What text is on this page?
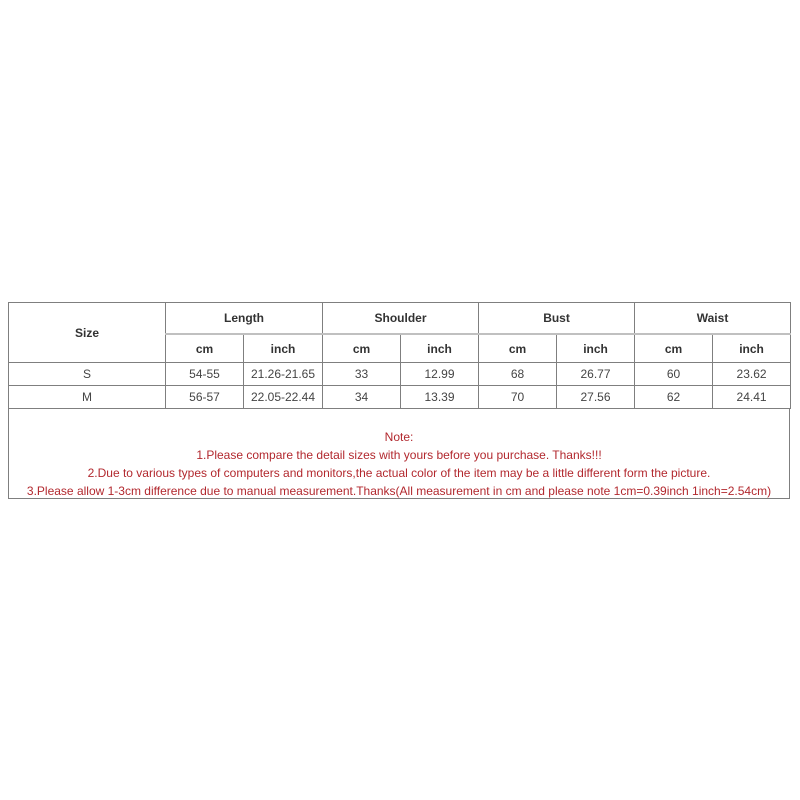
Size	Length		Shoulder		Bust		Waist	
	cm	inch	cm	inch	cm	inch	cm	inch
S	54-55	21.26-21.65	33	12.99	68	26.77	60	23.62
M	56-57	22.05-22.44	34	13.39	70	27.56	62	24.41
Note:
1.Please compare the detail sizes with yours before you purchase. Thanks!!!
2.Due to various types of computers and monitors,the actual color of the item may be a little different form the picture.
3.Please allow 1-3cm difference due to manual measurement.Thanks(All measurement in cm and please note 1cm=0.39inch 1inch=2.54cm)
